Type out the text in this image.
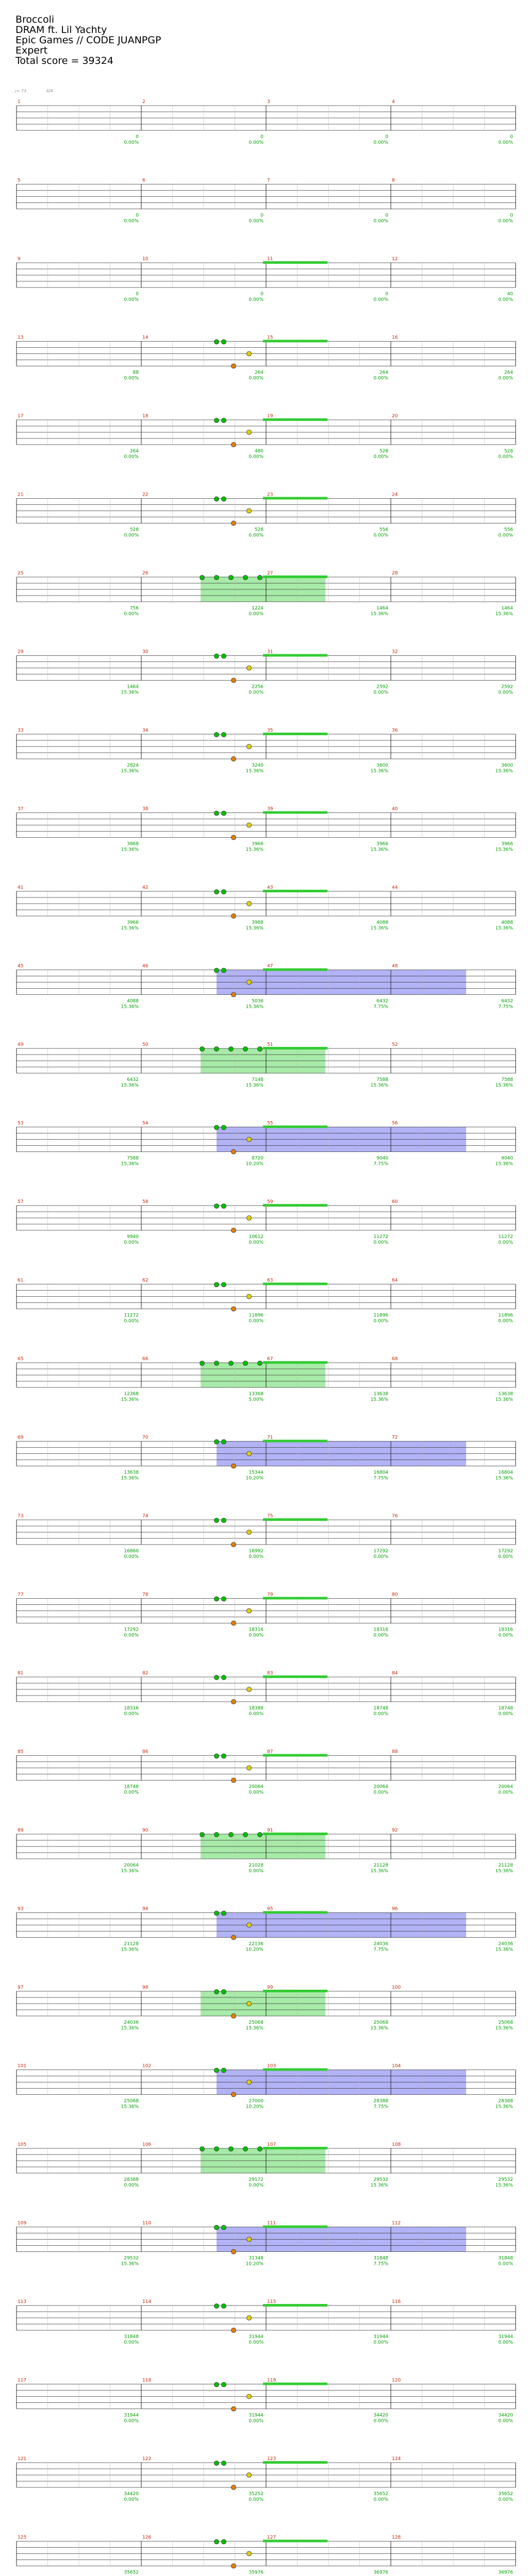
Broccoli
DRAM ft. Lil Yachty
Epic Games // CODE JUANPGP
Expert
Total score = 39324
♩= 73	4/4
1	2	3	4
0
0.00%
0
0.00%
0
0.00%
0
0.00%
5	6	7	8
0
0.00%
0
0.00%
0
0.00%
0
0.00%
9	10	11	12
0
0.00%
0
0.00%
0
0.00%
40
0.00%
13	14	15	16
88
0.00%
264
0.00%
264
0.00%
264
0.00%
17	18	19	20
264
0.00%
480
0.00%
528
0.00%
528
0.00%
21	22	23	24
528
0.00%
528
0.00%
556
0.00%
556
0.00%
25	26	27	28
756
0.00%
1224
0.00%
1464
15.36%
1464
15.36%
29	30	31	32
1464
15.36%
2256
0.00%
2592
0.00%
2592
0.00%
33	34	35	36
2824
15.36%
3240
15.36%
3600
15.36%
3600
15.36%
37	38	39	40
3868
15.36%
3966
15.36%
3966
15.36%
3966
15.36%
41	42	43	44
3966
15.36%
3988
15.36%
4088
15.36%
4088
15.36%
45	46	47	48
4088
15.36%
5036
15.36%
6432
7.75%
6432
7.75%
49	50	51	52
6432
15.36%
7148
15.36%
7588
15.36%
7588
15.36%
53	54	55	56
7588
15.36%
8720
10.20%
9040
7.75%
9040
15.36%
57	58	59	60
9940
0.00%
10612
0.00%
11272
0.00%
11272
0.00%
61	62	63	64
11272
0.00%
11896
0.00%
11896
0.00%
11896
0.00%
65	66	67	68
12368
15.36%
13368
5.00%
13638
15.36%
13638
15.36%
69	70	71	72
13638
15.36%
15344
10.20%
16804
7.75%
16804
15.36%
73	74	75	76
16860
0.00%
16992
0.00%
17292
0.00%
17292
0.00%
77	78	79	80
17292
0.00%
18316
0.00%
18316
0.00%
18316
0.00%
81	82	83	84
18316
0.00%
18388
0.00%
18748
0.00%
18748
0.00%
85	86	87	88
18748
0.00%
20064
0.00%
20064
0.00%
20064
0.00%
89	90	91	92
20064
15.36%
21028
0.00%
21128
15.36%
21128
15.36%
93	94	95	96
21128
15.36%
22136
10.20%
24036
7.75%
24036
15.36%
97	98	99	100
24036
15.36%
25068
15.36%
25068
15.36%
25068
15.36%
101	102	103	104
25068
15.36%
27000
10.20%
28388
7.75%
28388
15.36%
105	106	107	108
28388
0.00%
29172
0.00%
29532
15.36%
29532
15.36%
109	110	111	112
29532
15.36%
31348
10.20%
31848
7.75%
31848
0.00%
113	114	115	116
31848
0.00%
31944
0.00%
31944
0.00%
31944
0.00%
117	118	119	120
31944
0.00%
31944
0.00%
34420
0.00%
34420
0.00%
121	122	123	124
34420
0.00%
35252
0.00%
35652
0.00%
35652
0.00%
125	126	127	128
35652	35976	36976	36976
